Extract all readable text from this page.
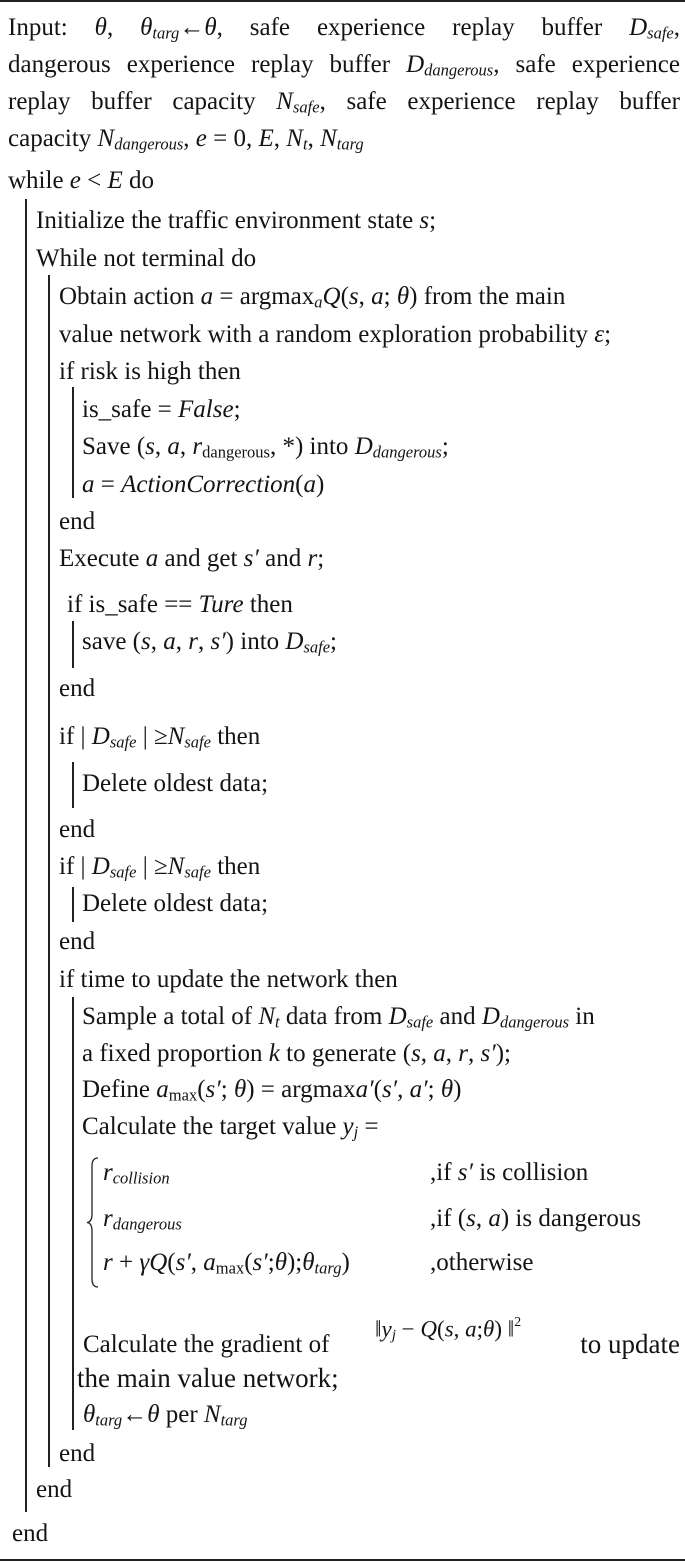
Input: θ, θtarg←θ, safe experience replay buffer Dsafe,
dangerous experience replay buffer Ddangerous, safe experience
replay buffer capacity Nsafe, safe experience replay buffer
capacity Ndangerous, e = 0, E, Nt, Ntarg
while e < E do
Initialize the traffic environment state s;
While not terminal do
Obtain action a = argmaxaQ(s, a; θ) from the main
value network with a random exploration probability ε;
if risk is high then
is_safe = False;
Save (s, a, rdangerous, *) into Ddangerous;
a = ActionCorrection(a)
end
Execute a and get s′ and r;
if is_safe == Ture then
save (s, a, r, s′) into Dsafe;
end
if | Dsafe | ≥Nsafe then
Delete oldest data;
end
if | Dsafe | ≥Nsafe then
Delete oldest data;
end
if time to update the network then
Sample a total of Nt data from Dsafe and Ddangerous in
a fixed proportion k to generate (s, a, r, s′);
Define amax(s′; θ) = argmaxa′(s′, a′; θ)
Calculate the target value yj =
rcollision	,if s′ is collision
rdangerous	,if (s, a) is dangerous
r + γQ(s′, amax(s′;θ);θtarg)	,otherwise
Calculate the gradient of
‖yj − Q(s, a;θ) ‖$^2$
to update
the main value network;
θtarg←θ per Ntarg
end
end
end
